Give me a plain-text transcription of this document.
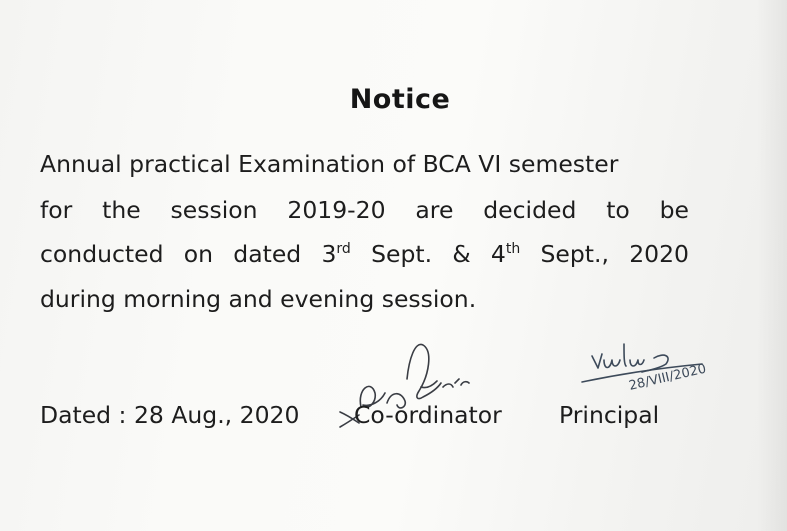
Notice
Annual practical Examination of BCA VI semester
for the session 2019-20 are decided to be
conducted on dated 3rd Sept. & 4th Sept., 2020
during morning and evening session.
28/VIII/2020
Dated : 28 Aug., 2020 Co-ordinator Principal
